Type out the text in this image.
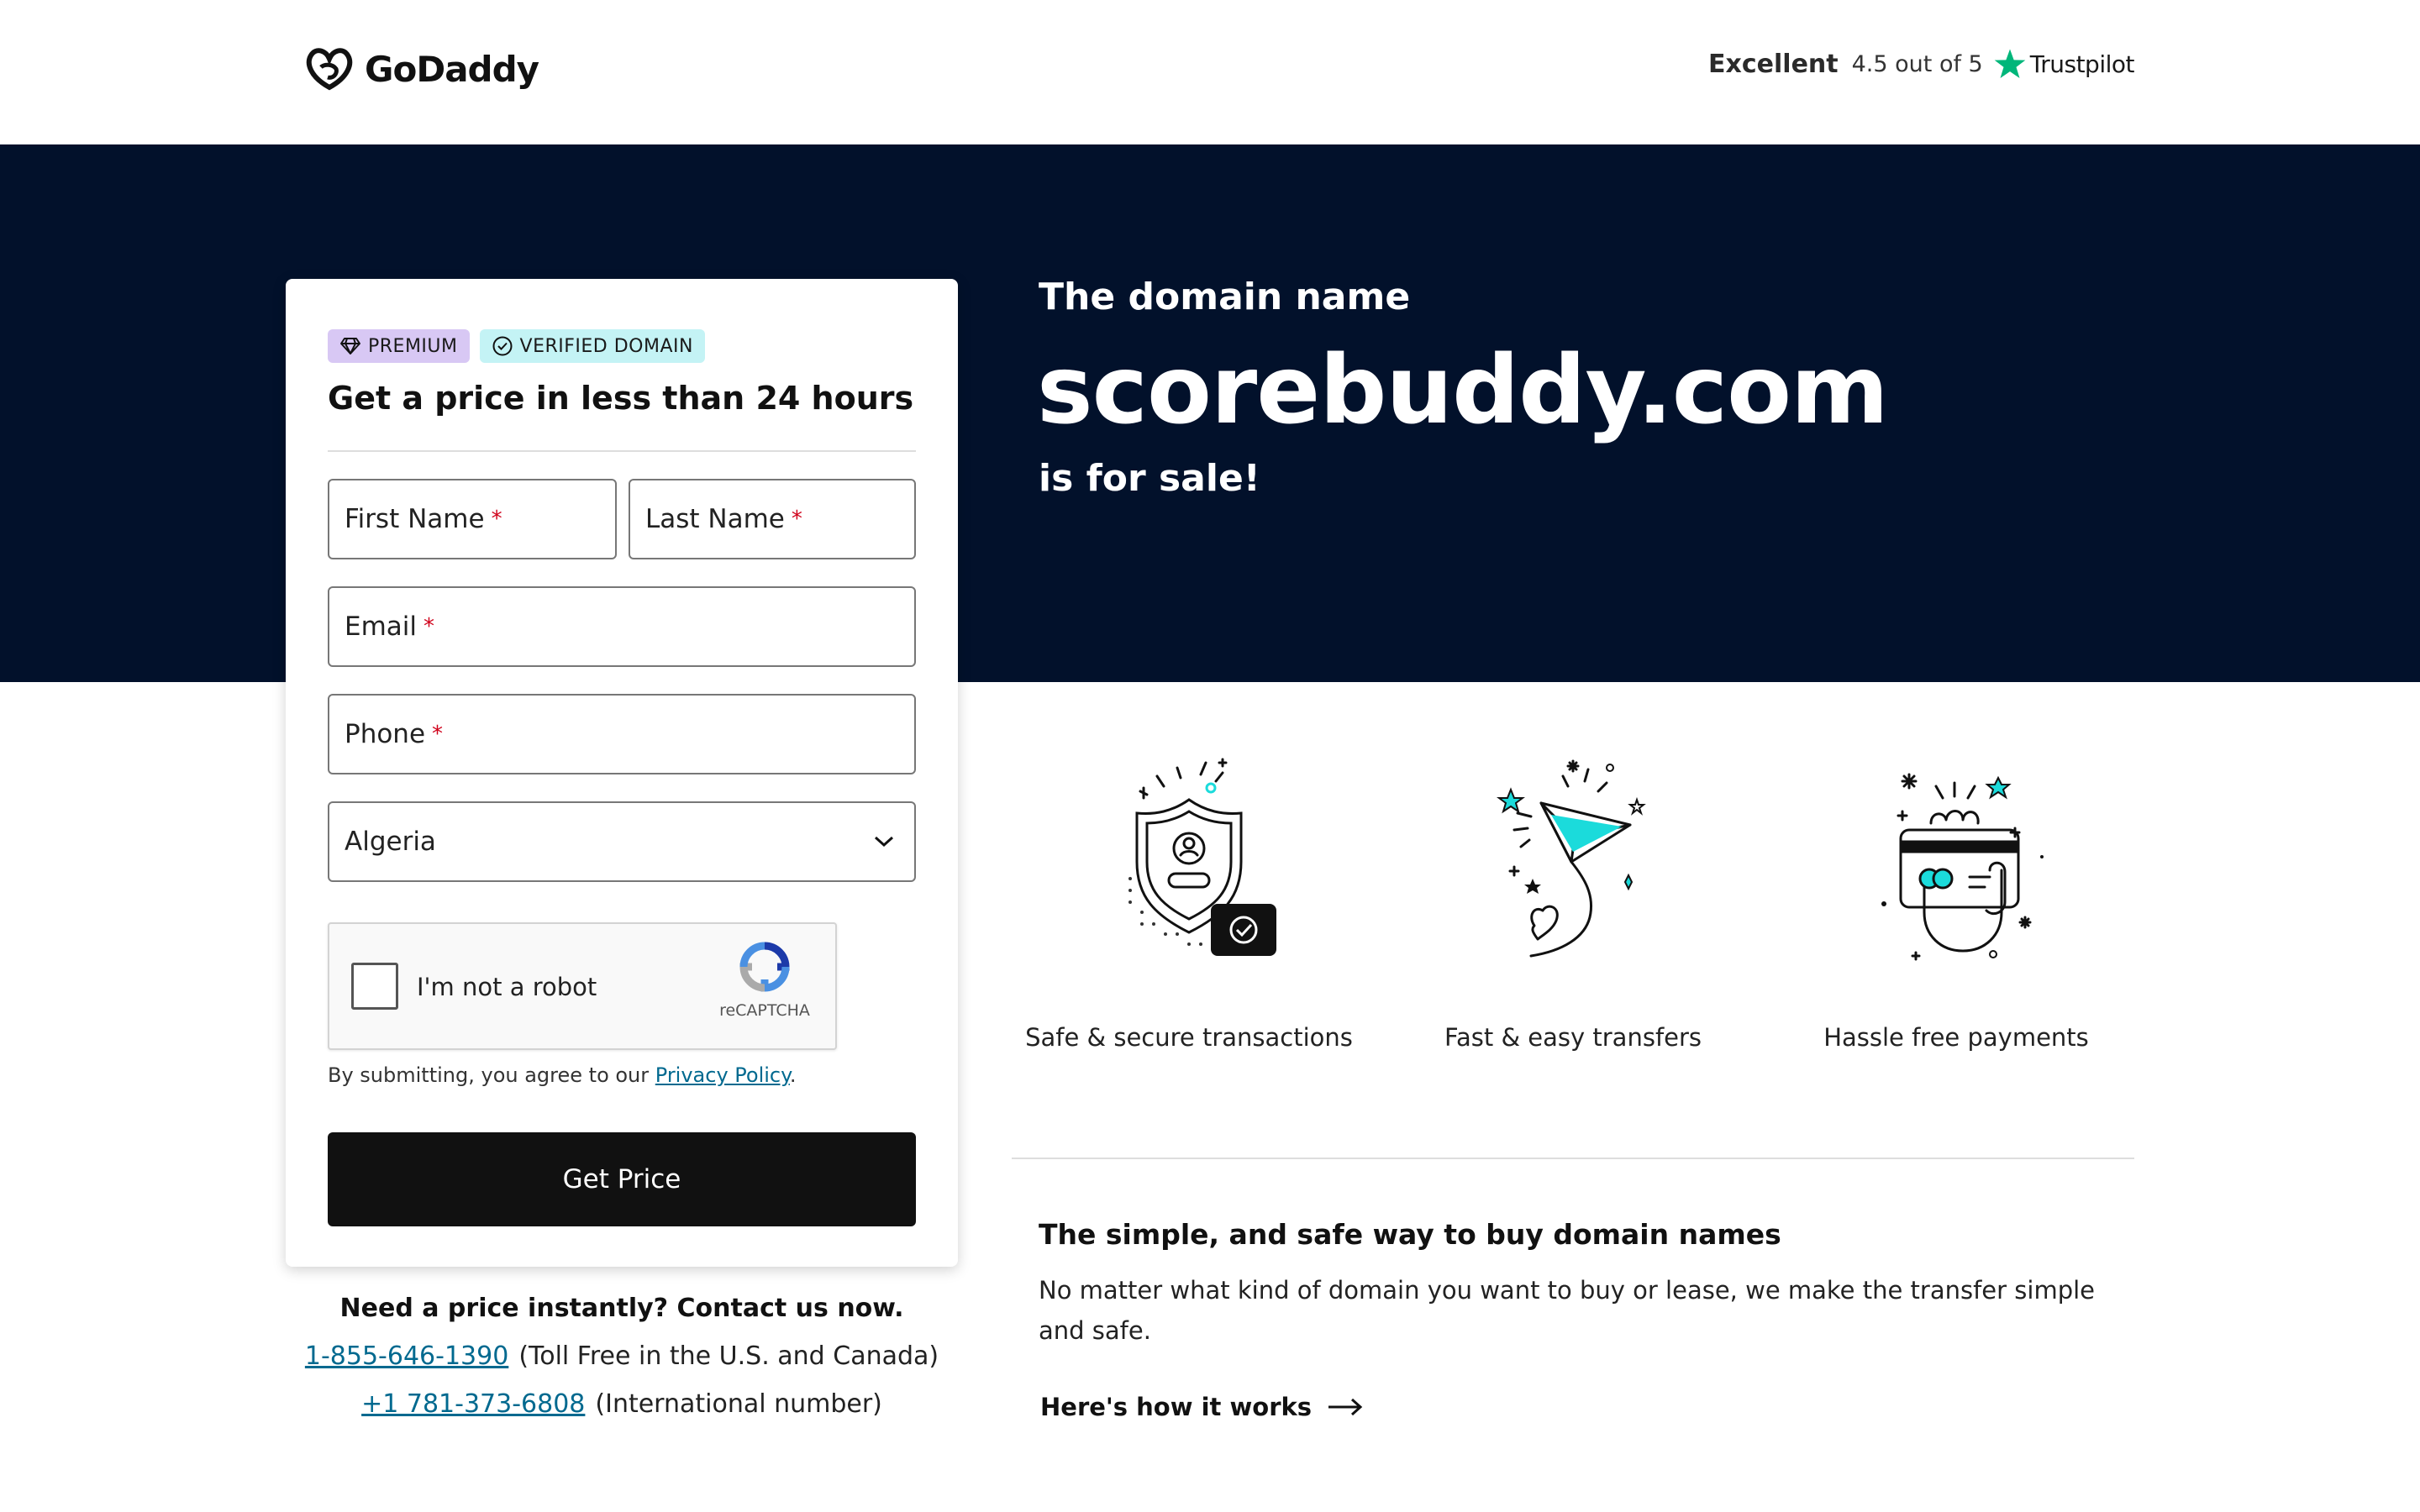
GoDaddy	Excellent 4.5 out of 5 Trustpilot
The domain name
scorebuddy.com
is for sale!
PREMIUM	VERIFIED DOMAIN
Get a price in less than 24 hours
First Name *	Last Name *
Email *
Phone *
Algeria
I'm not a robot
reCAPTCHA
By submitting, you agree to our Privacy Policy.
Get Price
Need a price instantly? Contact us now.
1-855-646-1390 (Toll Free in the U.S. and Canada)
+1 781-373-6808 (International number)
Safe & secure transactions	Fast & easy transfers	Hassle free payments
The simple, and safe way to buy domain names
No matter what kind of domain you want to buy or lease, we make the transfer simple and safe.
Here's how it works
